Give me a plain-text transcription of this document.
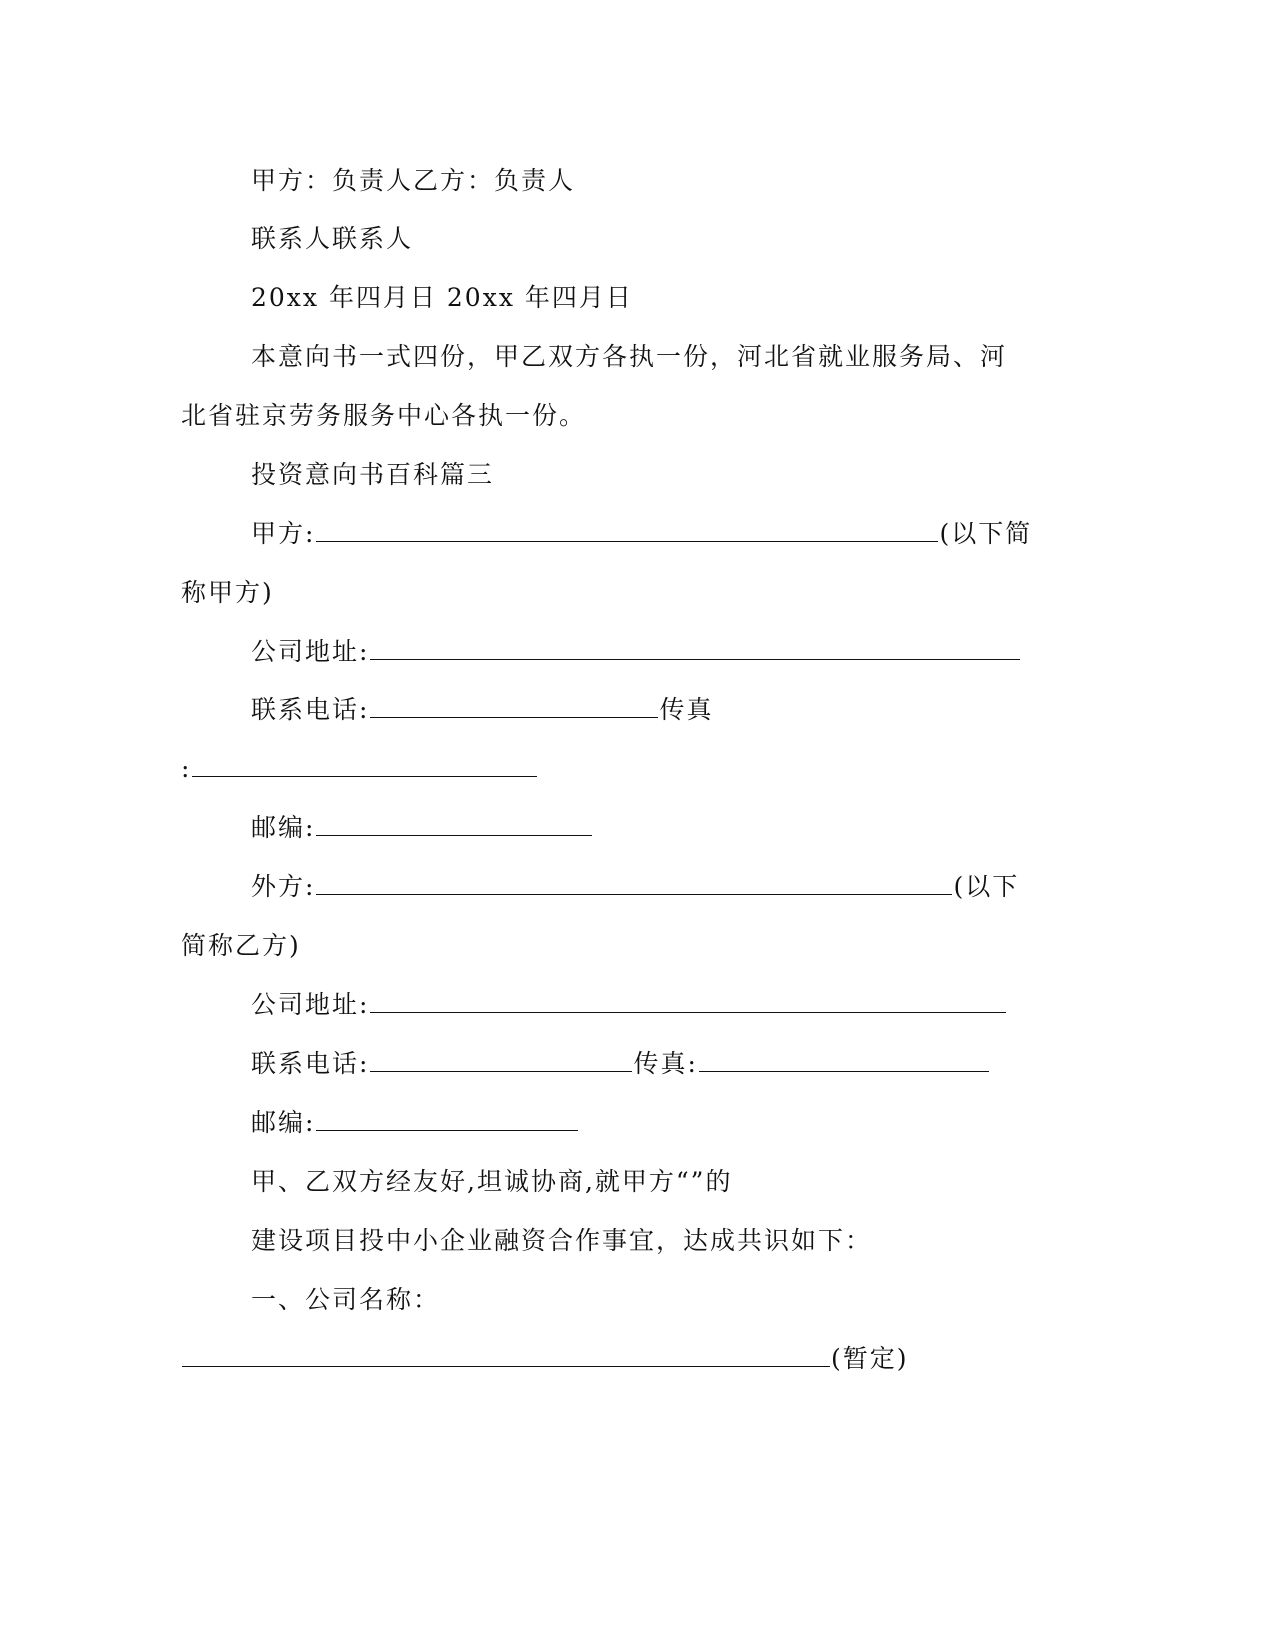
甲方：负责人乙方：负责人
联系人联系人
20xx 年四月日 20xx 年四月日
本意向书一式四份，甲乙双方各执一份，河北省就业服务局、河
北省驻京劳务服务中心各执一份。
投资意向书百科篇三
甲方:	(以下简
称甲方)
公司地址:
联系电话:	传真
:
邮编:
外方:	(以下
简称乙方)
公司地址:
联系电话:	传真:
邮编:
甲、乙双方经友好,坦诚协商,就甲方“”的
建设项目投中小企业融资合作事宜，达成共识如下：
一、公司名称：
(暂定)
